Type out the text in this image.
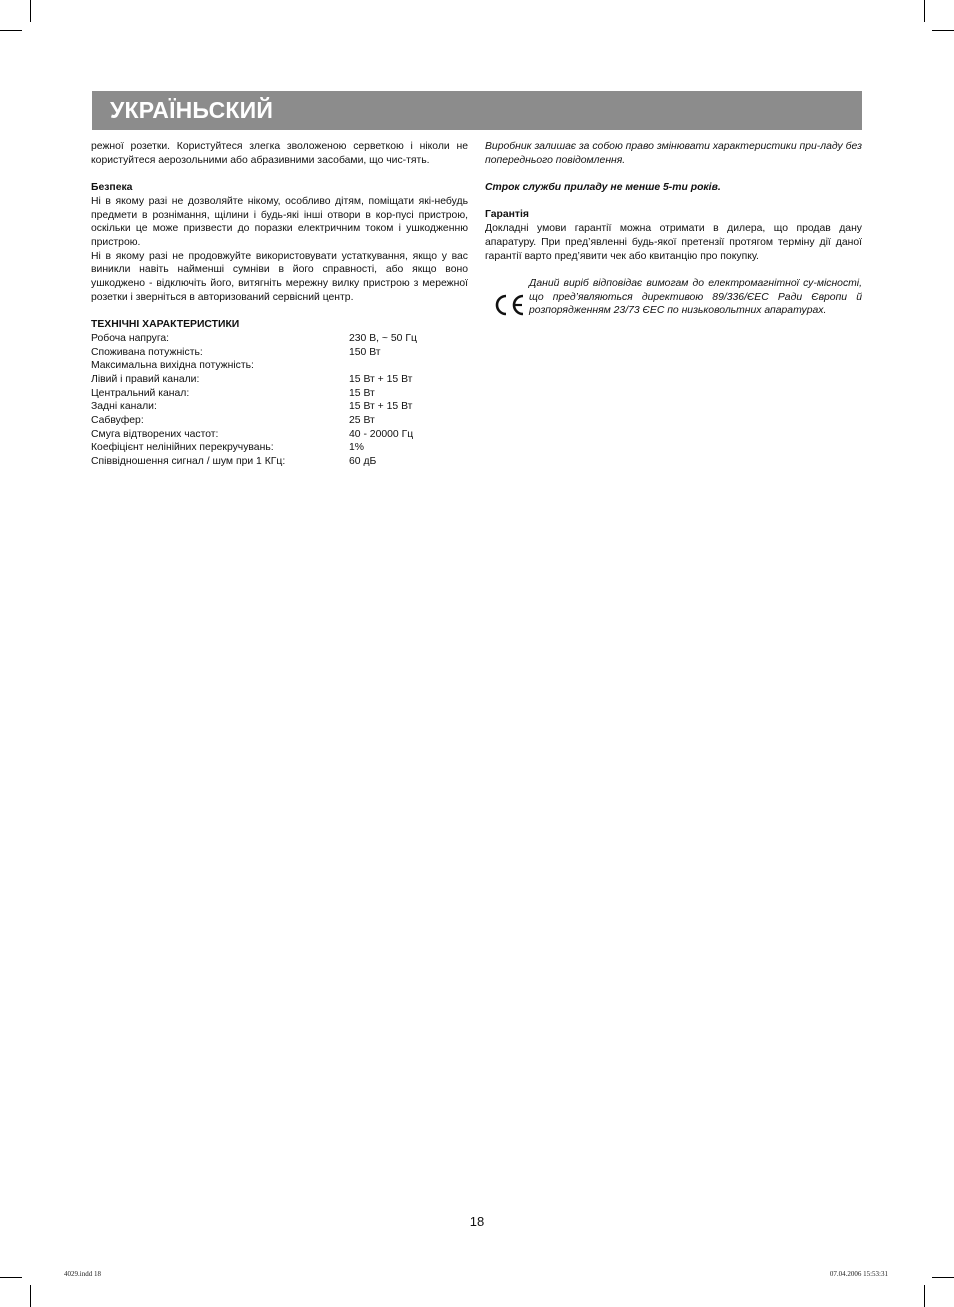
УКРАЇНЬСКИЙ

режної розетки. Користуйтеся злегка зволоженою серветкою і ніколи не користуйтеся аерозольними або абразивними засобами, що чис-тять.

Безпека

Ні в якому разі не дозволяйте нікому, особливо дітям, поміщати які-небудь предмети в рознімання, щілини і будь-які інші отвори в кор-пусі пристрою, оскільки це може призвести до поразки електричним током і ушкодженню пристрою.

Ні в якому разі не продовжуйте використовувати устаткування, якщо у вас виникли навіть найменші сумніви в його справності, або якщо воно ушкоджено - відключіть його, витягніть мережну вилку пристрою з мережної розетки і зверніться в авторизований сервісний центр.

ТЕХНІЧНІ ХАРАКТЕРИСТИКИ

Робоча напруга:	230 В, ~ 50 Гц
Споживана потужність:	150 Вт
Максимальна вихідна потужність:
Лівий і правий канали:	15 Вт + 15 Вт
Центральний канал:	15 Вт
Задні канали:	15 Вт + 15 Вт
Сабвуфер:	25 Вт
Смуга відтворених частот:	40 - 20000 Гц
Коефіцієнт нелінійних перекручувань:	1%
Співвідношення сигнал / шум при 1 КГц:	60 дБ

Виробник залишає за собою право змінювати характеристики при-ладу без попереднього повідомлення.

Строк служби приладу не менше 5-ти років.

Гарантія

Докладні умови гарантії можна отримати в дилера, що продав дану апаратуру. При пред’явленні будь-якої претензії протягом терміну дії даної гарантії варто пред’явити чек або квитанцію про покупку.

Даний виріб відповідає вимогам до електромагнітної су-місності, що пред’являються директивою 89/336/ЄЕС Ради Європи й розпорядженням 23/73 ЄЕС по низьковольтних апаратурах.

18
4029.indd 18	07.04.2006 15:53:31
